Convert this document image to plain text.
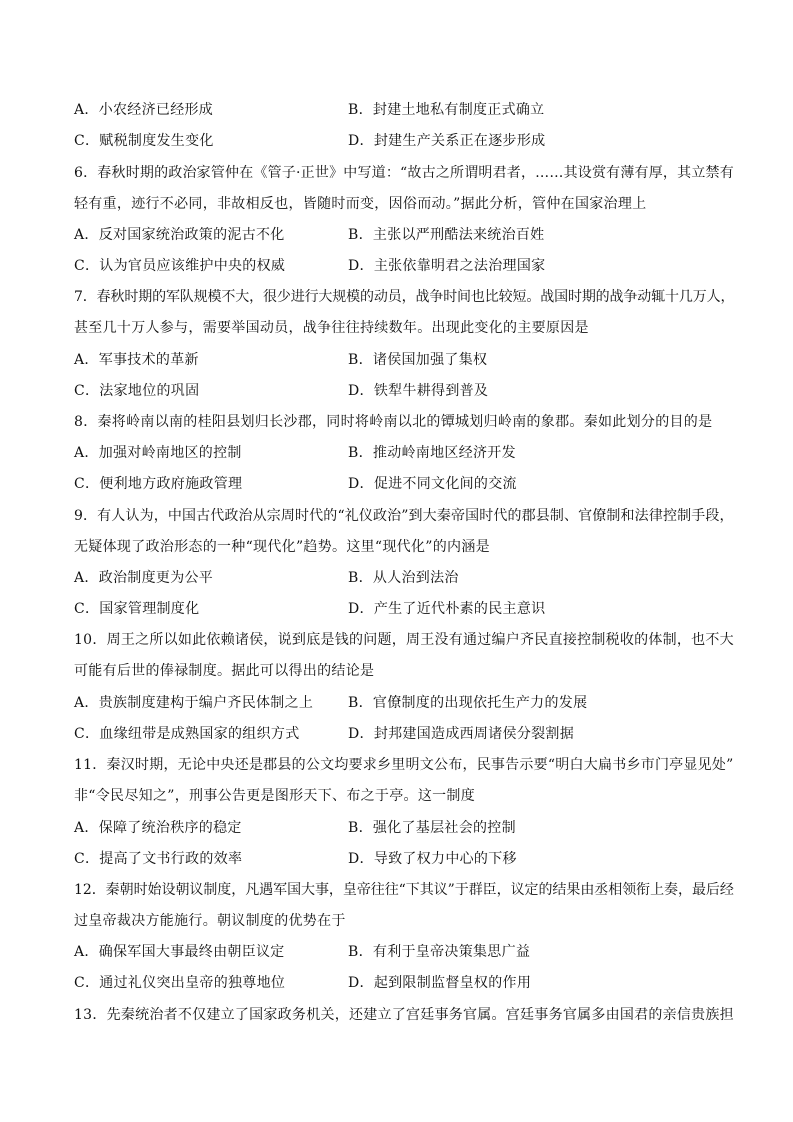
A．小农经济已经形成	B．封建土地私有制度正式确立
C．赋税制度发生变化	D．封建生产关系正在逐步形成
6．春秋时期的政治家管仲在《管子·正世》中写道：“故古之所谓明君者，……其设赏有薄有厚，其立禁有
轻有重，迹行不必同，非故相反也，皆随时而变，因俗而动。”据此分析，管仲在国家治理上
A．反对国家统治政策的泥古不化	B．主张以严刑酷法来统治百姓
C．认为官员应该维护中央的权威	D．主张依靠明君之法治理国家
7．春秋时期的军队规模不大，很少进行大规模的动员，战争时间也比较短。战国时期的战争动辄十几万人，
甚至几十万人参与，需要举国动员，战争往往持续数年。出现此变化的主要原因是
A．军事技术的革新	B．诸侯国加强了集权
C．法家地位的巩固	D．铁犁牛耕得到普及
8．秦将岭南以南的桂阳县划归长沙郡，同时将岭南以北的镡城划归岭南的象郡。秦如此划分的目的是
A．加强对岭南地区的控制	B．推动岭南地区经济开发
C．便利地方政府施政管理	D．促进不同文化间的交流
9．有人认为，中国古代政治从宗周时代的“礼仪政治”到大秦帝国时代的郡县制、官僚制和法律控制手段，
无疑体现了政治形态的一种“现代化”趋势。这里“现代化”的内涵是
A．政治制度更为公平	B．从人治到法治
C．国家管理制度化	D．产生了近代朴素的民主意识
10．周王之所以如此依赖诸侯，说到底是钱的问题，周王没有通过编户齐民直接控制税收的体制，也不大
可能有后世的俸禄制度。据此可以得出的结论是
A．贵族制度建构于编户齐民体制之上 B．官僚制度的出现依托生产力的发展
C．血缘纽带是成熟国家的组织方式	D．封邦建国造成西周诸侯分裂割据
11．秦汉时期，无论中央还是郡县的公文均要求乡里明文公布，民事告示要“明白大扁书乡市门亭显见处”
非“令民尽知之”，刑事公告更是图形天下、布之于亭。这一制度
A．保障了统治秩序的稳定	B．强化了基层社会的控制
C．提高了文书行政的效率	D．导致了权力中心的下移
12．秦朝时始设朝议制度，凡遇军国大事，皇帝往往“下其议”于群臣，议定的结果由丞相领衔上奏，最后经
过皇帝裁决方能施行。朝议制度的优势在于
A．确保军国大事最终由朝臣议定	B．有利于皇帝决策集思广益
C．通过礼仪突出皇帝的独尊地位	D．起到限制监督皇权的作用
13．先秦统治者不仅建立了国家政务机关，还建立了宫廷事务官属。宫廷事务官属多由国君的亲信贵族担
